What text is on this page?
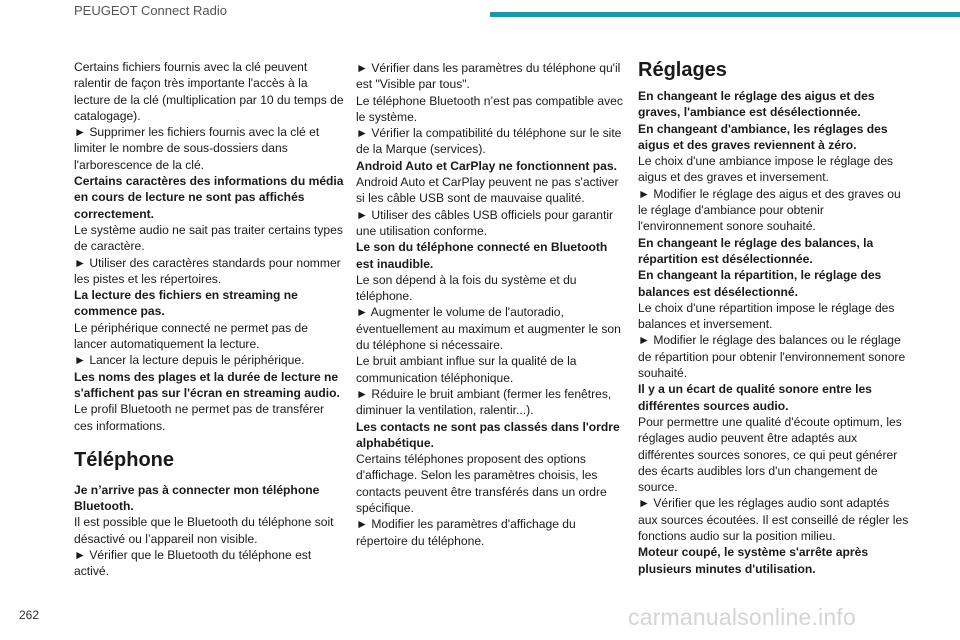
PEUGEOT Connect Radio

Certains fichiers fournis avec la clé peuvent ralentir de façon très importante l'accès à la lecture de la clé (multiplication par 10 du temps de catalogage).

► Supprimer les fichiers fournis avec la clé et limiter le nombre de sous-dossiers dans l'arborescence de la clé.

Certains caractères des informations du média en cours de lecture ne sont pas affichés correctement.

Le système audio ne sait pas traiter certains types de caractère.

► Utiliser des caractères standards pour nommer les pistes et les répertoires.

La lecture des fichiers en streaming ne commence pas.

Le périphérique connecté ne permet pas de lancer automatiquement la lecture.

► Lancer la lecture depuis le périphérique.

Les noms des plages et la durée de lecture ne s'affichent pas sur l'écran en streaming audio.

Le profil Bluetooth ne permet pas de transférer ces informations.

Téléphone

Je n’arrive pas à connecter mon téléphone Bluetooth.

Il est possible que le Bluetooth du téléphone soit désactivé ou l’appareil non visible.

► Vérifier que le Bluetooth du téléphone est activé.

► Vérifier dans les paramètres du téléphone qu'il est "Visible par tous".

Le téléphone Bluetooth n’est pas compatible avec le système.

► Vérifier la compatibilité du téléphone sur le site de la Marque (services).

Android Auto et CarPlay ne fonctionnent pas.

Android Auto et CarPlay peuvent ne pas s'activer si les câble USB sont de mauvaise qualité.

► Utiliser des câbles USB officiels pour garantir une utilisation conforme.

Le son du téléphone connecté en Bluetooth est inaudible.

Le son dépend à la fois du système et du téléphone.

► Augmenter le volume de l'autoradio, éventuellement au maximum et augmenter le son du téléphone si nécessaire.

Le bruit ambiant influe sur la qualité de la communication téléphonique.

► Réduire le bruit ambiant (fermer les fenêtres, diminuer la ventilation, ralentir...).

Les contacts ne sont pas classés dans l'ordre alphabétique.

Certains téléphones proposent des options d'affichage. Selon les paramètres choisis, les contacts peuvent être transférés dans un ordre spécifique.

► Modifier les paramètres d'affichage du répertoire du téléphone.

Réglages

En changeant le réglage des aigus et des graves, l'ambiance est désélectionnée.

En changeant d'ambiance, les réglages des aigus et des graves reviennent à zéro.

Le choix d'une ambiance impose le réglage des aigus et des graves et inversement.

► Modifier le réglage des aigus et des graves ou le réglage d'ambiance pour obtenir l'environnement sonore souhaité.

En changeant le réglage des balances, la répartition est désélectionnée.

En changeant la répartition, le réglage des balances est désélectionné.

Le choix d'une répartition impose le réglage des balances et inversement.

► Modifier le réglage des balances ou le réglage de répartition pour obtenir l'environnement sonore souhaité.

Il y a un écart de qualité sonore entre les différentes sources audio.

Pour permettre une qualité d'écoute optimum, les réglages audio peuvent être adaptés aux différentes sources sonores, ce qui peut générer des écarts audibles lors d'un changement de source.

► Vérifier que les réglages audio sont adaptés aux sources écoutées. Il est conseillé de régler les fonctions audio sur la position milieu.

Moteur coupé, le système s'arrête après plusieurs minutes d'utilisation.

262	carmanualsonline.info
